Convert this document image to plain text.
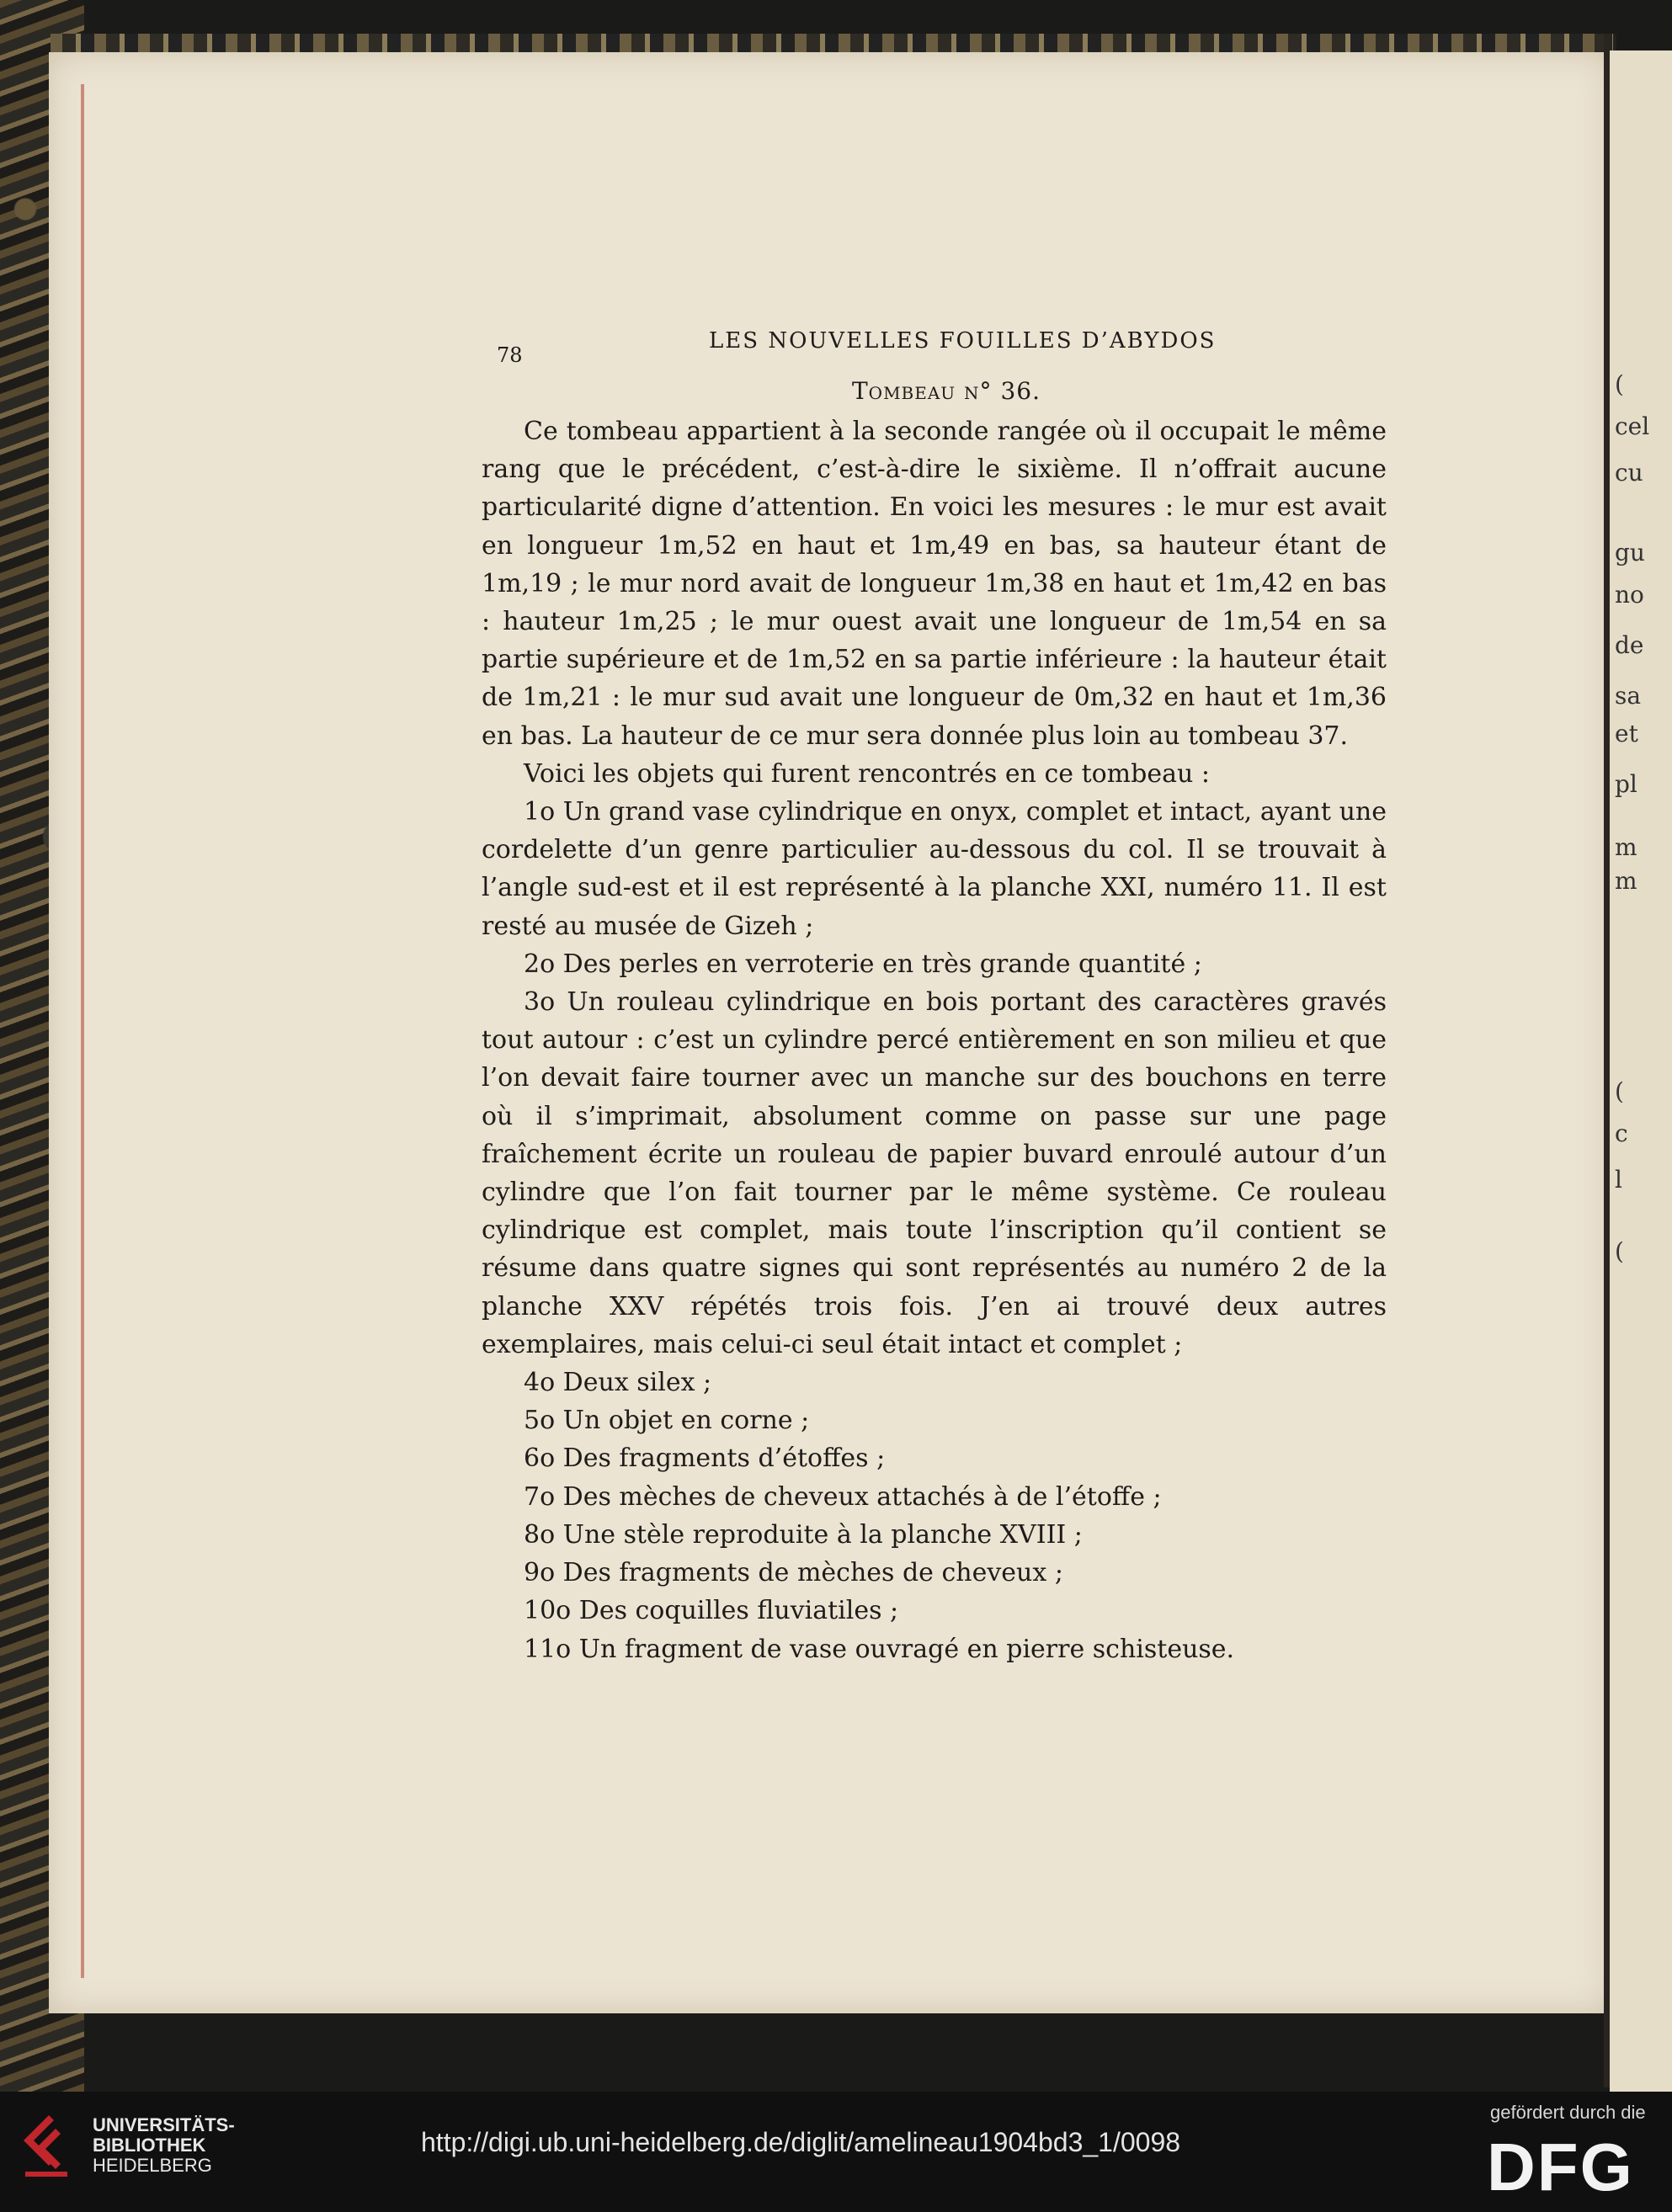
(
cel
cu
gu
no
de
sa
et
pl
m
m
(
c
l
(
78
LES NOUVELLES FOUILLES D’ABYDOS
Tombeau n° 36.

Ce tombeau appartient à la seconde rangée où il occupait le même rang que le précédent, c’est-à-dire le sixième. Il n’offrait aucune particularité digne d’attention. En voici les mesures : le mur est avait en longueur 1m,52 en haut et 1m,49 en bas, sa hauteur étant de 1m,19 ; le mur nord avait de longueur 1m,38 en haut et 1m,42 en bas : hauteur 1m,25 ; le mur ouest avait une longueur de 1m,54 en sa partie supérieure et de 1m,52 en sa partie inférieure : la hauteur était de 1m,21 : le mur sud avait une longueur de 0m,32 en haut et 1m,36 en bas. La hauteur de ce mur sera donnée plus loin au tombeau 37.

Voici les objets qui furent rencontrés en ce tombeau :

1o Un grand vase cylindrique en onyx, complet et intact, ayant une cordelette d’un genre particulier au-dessous du col. Il se trouvait à l’angle sud-est et il est représenté à la planche XXI, numéro 11. Il est resté au musée de Gizeh ;

2o Des perles en verroterie en très grande quantité ;

3o Un rouleau cylindrique en bois portant des caractères gravés tout autour : c’est un cylindre percé entièrement en son milieu et que l’on devait faire tourner avec un manche sur des bouchons en terre où il s’imprimait, absolument comme on passe sur une page fraîchement écrite un rouleau de papier buvard enroulé autour d’un cylindre que l’on fait tourner par le même système. Ce rouleau cylindrique est complet, mais toute l’inscription qu’il contient se résume dans quatre signes qui sont représentés au numéro 2 de la planche XXV répétés trois fois. J’en ai trouvé deux autres exemplaires, mais celui-ci seul était intact et complet ;

4o Deux silex ;

5o Un objet en corne ;

6o Des fragments d’étoffes ;

7o Des mèches de cheveux attachés à de l’étoffe ;

8o Une stèle reproduite à la planche XVIII ;

9o Des fragments de mèches de cheveux ;

10o Des coquilles fluviatiles ;

11o Un fragment de vase ouvragé en pierre schisteuse.

UNIVERSITÄTS-
BIBLIOTHEK
HEIDELBERG
http://digi.ub.uni-heidelberg.de/diglit/amelineau1904bd3_1/0098
gefördert durch die
DFG
